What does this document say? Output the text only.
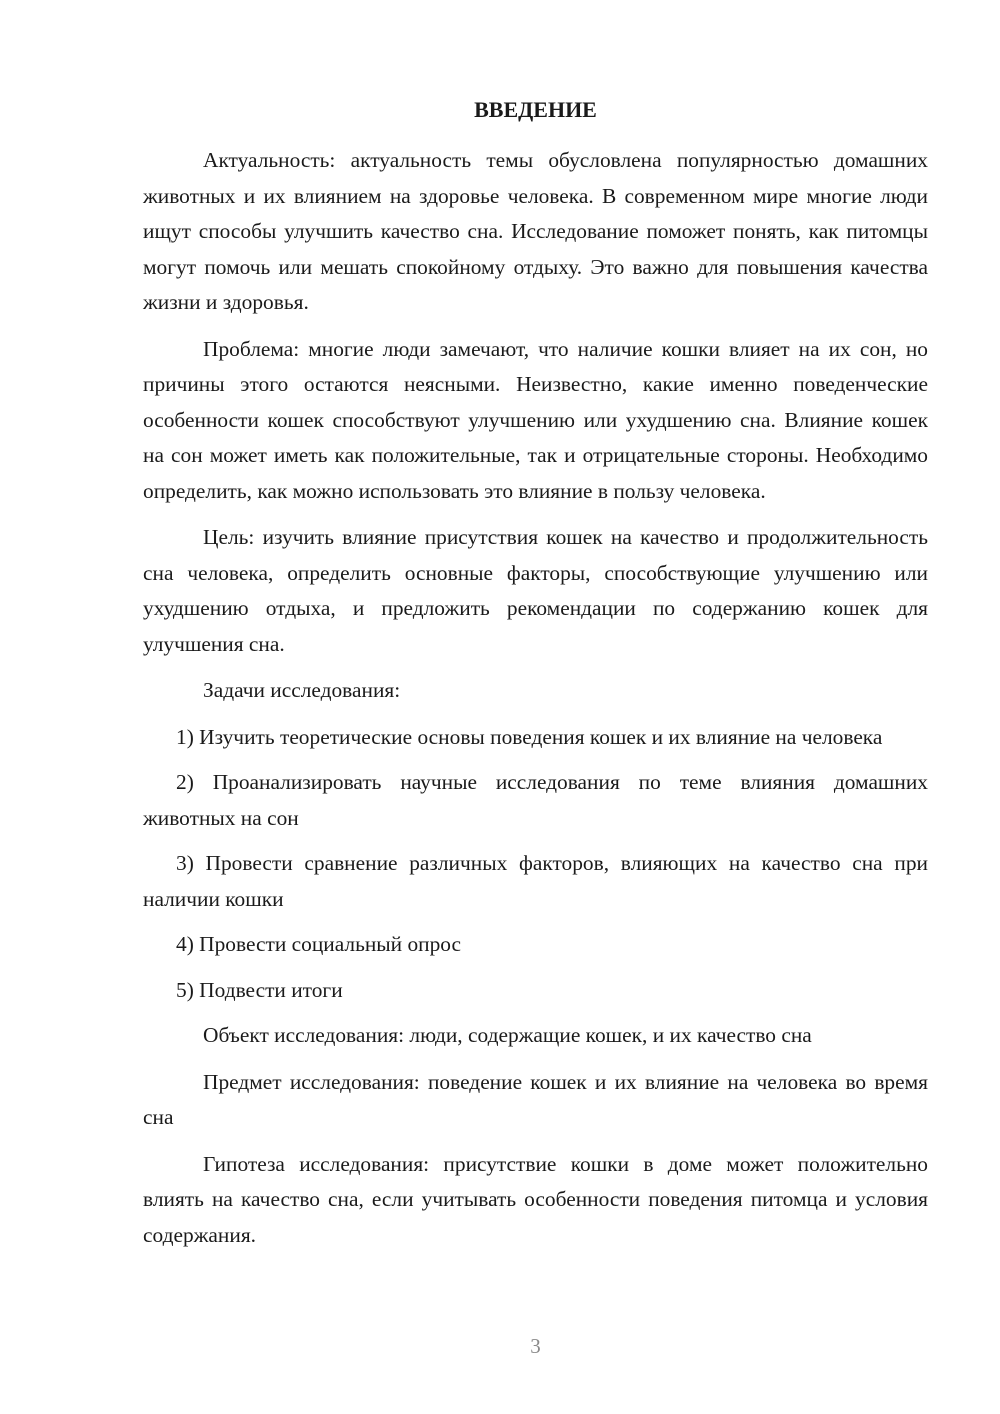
ВВЕДЕНИЕ

Актуальность: актуальность темы обусловлена популярностью домашних животных и их влиянием на здоровье человека. В современном мире многие люди ищут способы улучшить качество сна. Исследование поможет понять, как питомцы могут помочь или мешать спокойному отдыху. Это важно для повышения качества жизни и здоровья.

Проблема: многие люди замечают, что наличие кошки влияет на их сон, но причины этого остаются неясными. Неизвестно, какие именно поведенческие особенности кошек способствуют улучшению или ухудшению сна. Влияние кошек на сон может иметь как положительные, так и отрицательные стороны. Необходимо определить, как можно использовать это влияние в пользу человека.

Цель: изучить влияние присутствия кошек на качество и продолжительность сна человека, определить основные факторы, способствующие улучшению или ухудшению отдыха, и предложить рекомендации по содержанию кошек для улучшения сна.

Задачи исследования:

1) Изучить теоретические основы поведения кошек и их влияние на человека

2) Проанализировать научные исследования по теме влияния домашних животных на сон

3) Провести сравнение различных факторов, влияющих на качество сна при наличии кошки

4) Провести социальный опрос

5) Подвести итоги

Объект исследования: люди, содержащие кошек, и их качество сна

Предмет исследования: поведение кошек и их влияние на человека во время сна

Гипотеза исследования: присутствие кошки в доме может положительно влиять на качество сна, если учитывать особенности поведения питомца и условия содержания.

3
